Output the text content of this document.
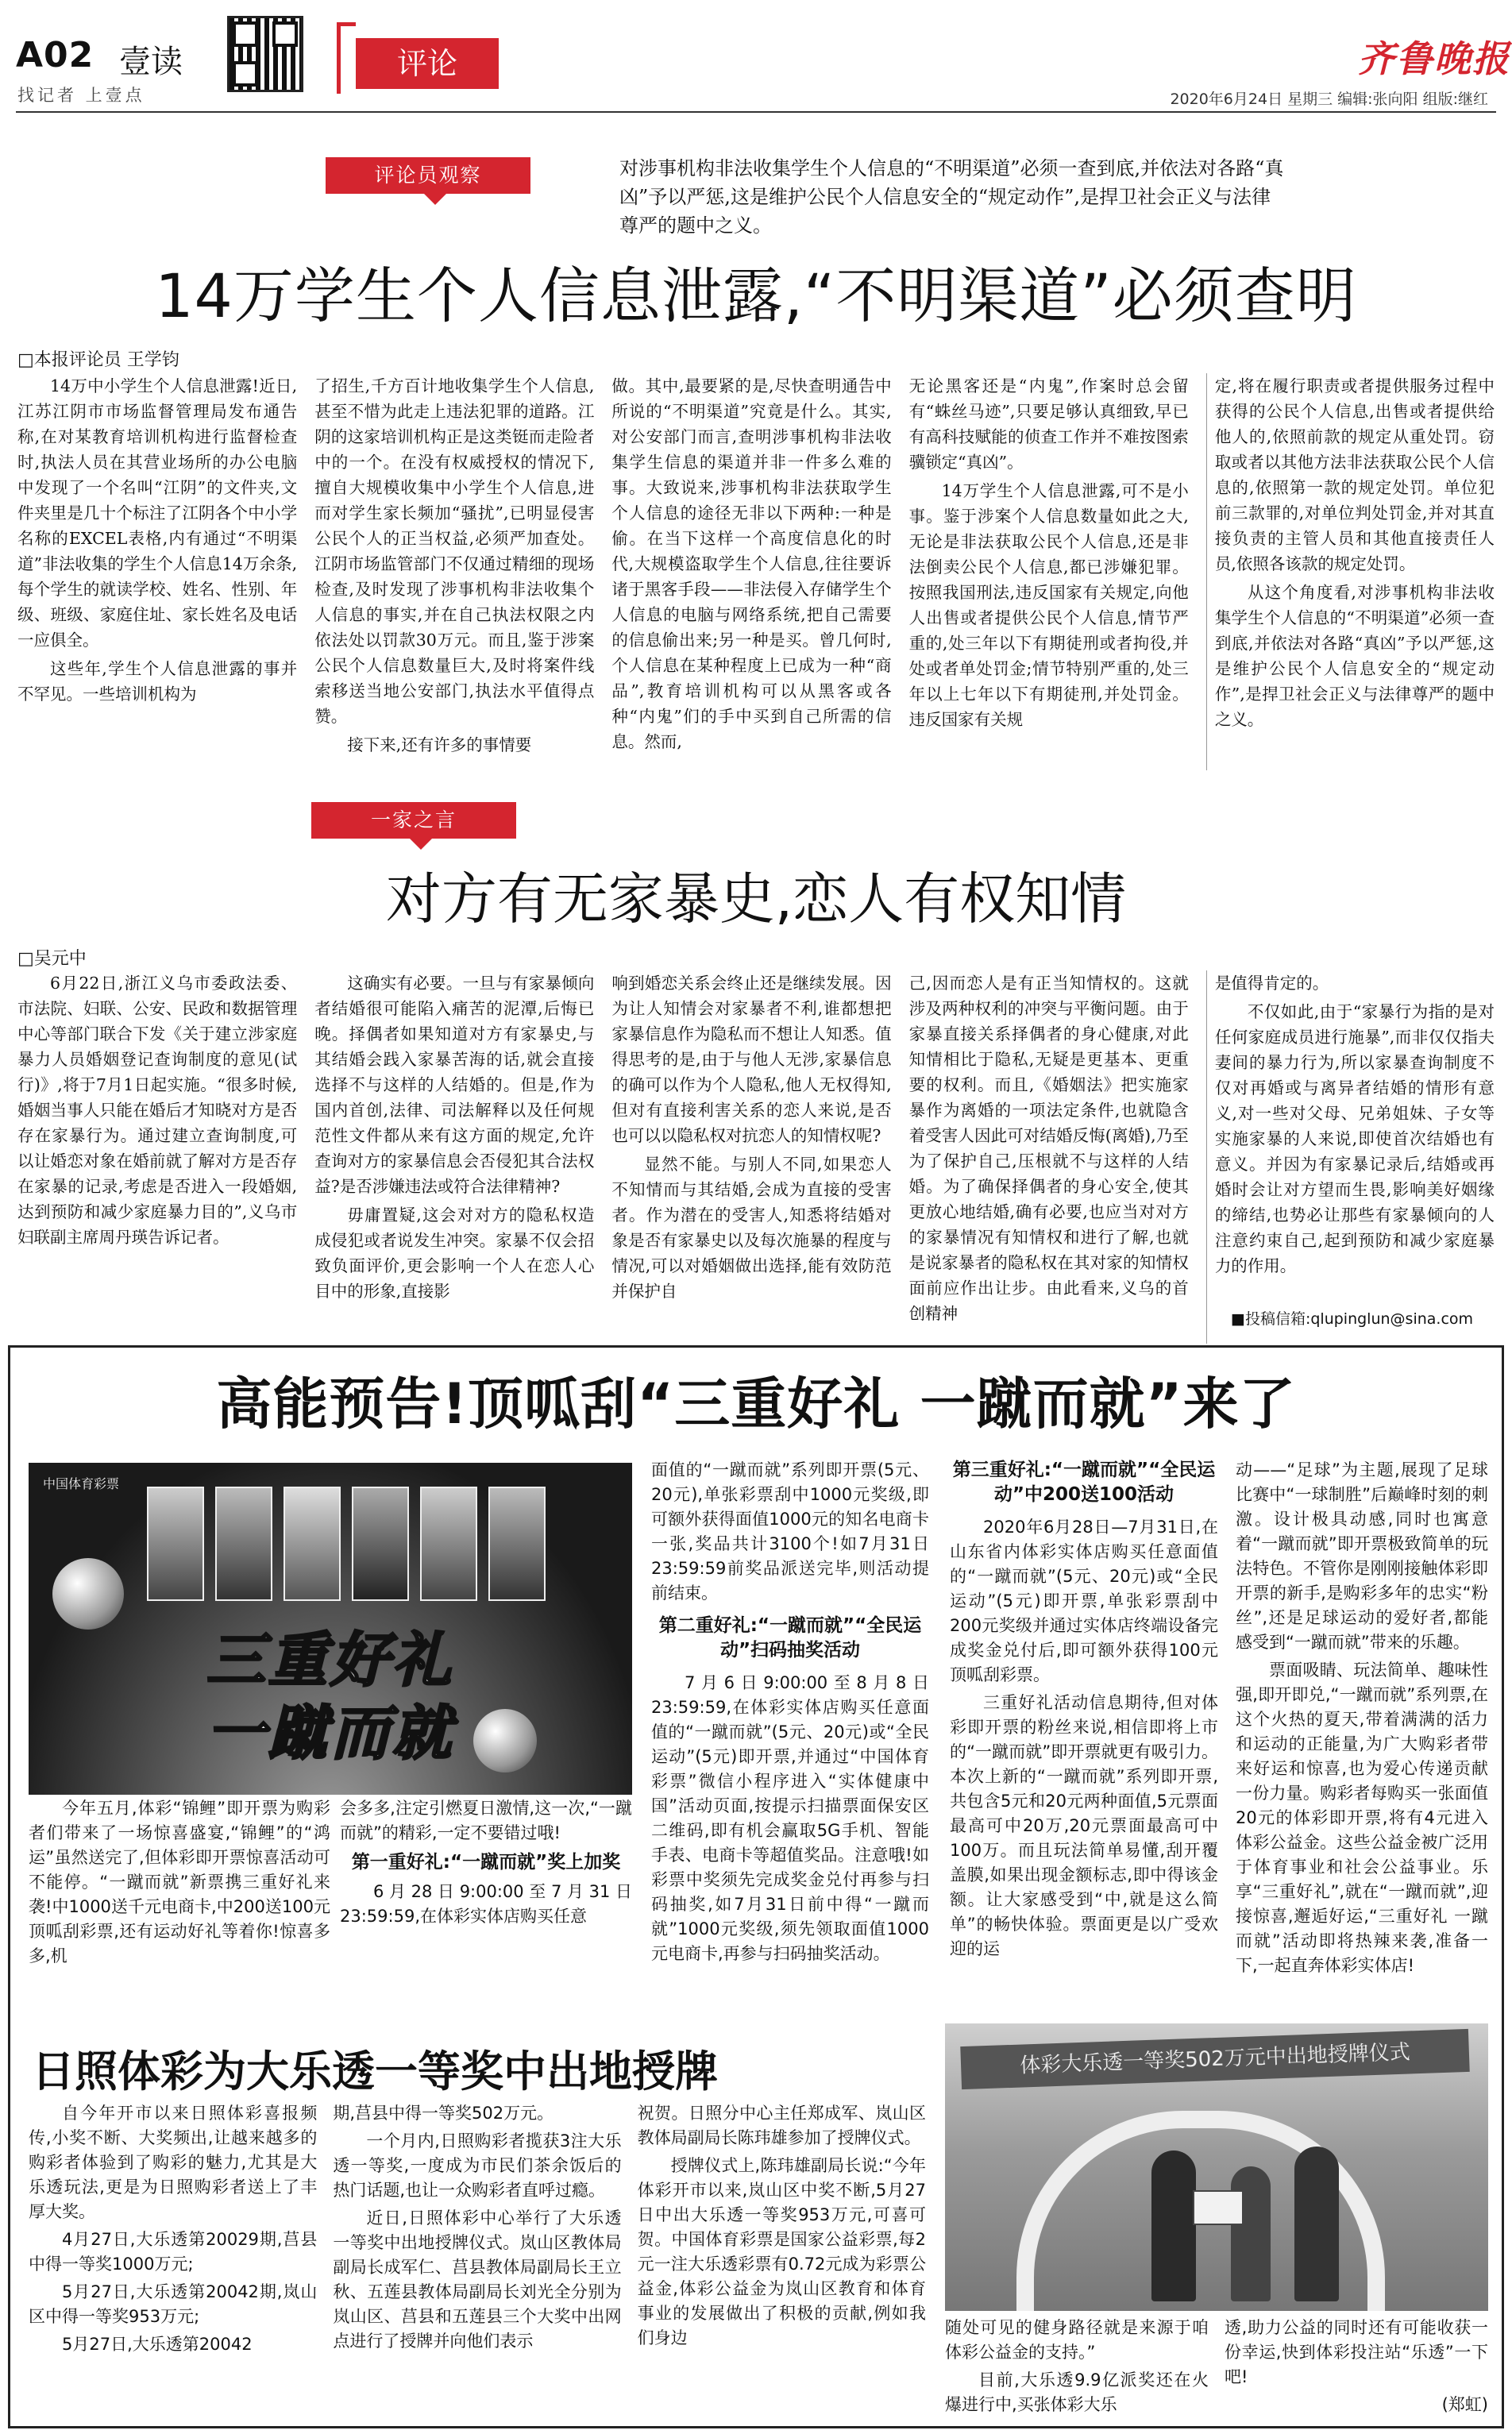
A02 壹读
找记者 上壹点
评论	齐鲁晚报
2020年6月24日 星期三 编辑:张向阳 组版:继红
评论员观察	对涉事机构非法收集学生个人信息的“不明渠道”必须一查到底,并依法对各路“真凶”予以严惩,这是维护公民个人信息安全的“规定动作”,是捍卫社会正义与法律尊严的题中之义。
14万学生个人信息泄露,“不明渠道”必须查明
□本报评论员 王学钧

14万中小学生个人信息泄露!近日,江苏江阴市市场监督管理局发布通告称,在对某教育培训机构进行监督检查时,执法人员在其营业场所的办公电脑中发现了一个名叫“江阴”的文件夹,文件夹里是几十个标注了江阴各个中小学名称的EXCEL表格,内有通过“不明渠道”非法收集的学生个人信息14万余条,每个学生的就读学校、姓名、性别、年级、班级、家庭住址、家长姓名及电话一应俱全。

这些年,学生个人信息泄露的事并不罕见。一些培训机构为

了招生,千方百计地收集学生个人信息,甚至不惜为此走上违法犯罪的道路。江阴的这家培训机构正是这类铤而走险者中的一个。在没有权威授权的情况下,擅自大规模收集中小学生个人信息,进而对学生家长频加“骚扰”,已明显侵害公民个人的正当权益,必须严加查处。江阴市场监管部门不仅通过精细的现场检查,及时发现了涉事机构非法收集个人信息的事实,并在自己执法权限之内依法处以罚款30万元。而且,鉴于涉案公民个人信息数量巨大,及时将案件线索移送当地公安部门,执法水平值得点赞。

接下来,还有许多的事情要

做。其中,最要紧的是,尽快查明通告中所说的“不明渠道”究竟是什么。其实,对公安部门而言,查明涉事机构非法收集学生信息的渠道并非一件多么难的事。大致说来,涉事机构非法获取学生个人信息的途径无非以下两种:一种是偷。在当下这样一个高度信息化的时代,大规模盗取学生个人信息,往往要诉诸于黑客手段——非法侵入存储学生个人信息的电脑与网络系统,把自己需要的信息偷出来;另一种是买。曾几何时,个人信息在某种程度上已成为一种“商品”,教育培训机构可以从黑客或各种“内鬼”们的手中买到自己所需的信息。然而,

无论黑客还是“内鬼”,作案时总会留有“蛛丝马迹”,只要足够认真细致,早已有高科技赋能的侦查工作并不难按图索骥锁定“真凶”。

14万学生个人信息泄露,可不是小事。鉴于涉案个人信息数量如此之大,无论是非法获取公民个人信息,还是非法倒卖公民个人信息,都已涉嫌犯罪。按照我国刑法,违反国家有关规定,向他人出售或者提供公民个人信息,情节严重的,处三年以下有期徒刑或者拘役,并处或者单处罚金;情节特别严重的,处三年以上七年以下有期徒刑,并处罚金。违反国家有关规

定,将在履行职责或者提供服务过程中获得的公民个人信息,出售或者提供给他人的,依照前款的规定从重处罚。窃取或者以其他方法非法获取公民个人信息的,依照第一款的规定处罚。单位犯前三款罪的,对单位判处罚金,并对其直接负责的主管人员和其他直接责任人员,依照各该款的规定处罚。

从这个角度看,对涉事机构非法收集学生个人信息的“不明渠道”必须一查到底,并依法对各路“真凶”予以严惩,这是维护公民个人信息安全的“规定动作”,是捍卫社会正义与法律尊严的题中之义。

一家之言
对方有无家暴史,恋人有权知情
□吴元中

6月22日,浙江义乌市委政法委、市法院、妇联、公安、民政和数据管理中心等部门联合下发《关于建立涉家庭暴力人员婚姻登记查询制度的意见(试行)》,将于7月1日起实施。“很多时候,婚姻当事人只能在婚后才知晓对方是否存在家暴行为。通过建立查询制度,可以让婚恋对象在婚前就了解对方是否存在家暴的记录,考虑是否进入一段婚姻,达到预防和减少家庭暴力目的”,义乌市妇联副主席周丹瑛告诉记者。

这确实有必要。一旦与有家暴倾向者结婚很可能陷入痛苦的泥潭,后悔已晚。择偶者如果知道对方有家暴史,与其结婚会践入家暴苦海的话,就会直接选择不与这样的人结婚的。但是,作为国内首创,法律、司法解释以及任何规范性文件都从来有这方面的规定,允许查询对方的家暴信息会否侵犯其合法权益?是否涉嫌违法或符合法律精神?

毋庸置疑,这会对对方的隐私权造成侵犯或者说发生冲突。家暴不仅会招致负面评价,更会影响一个人在恋人心目中的形象,直接影

响到婚恋关系会终止还是继续发展。因为让人知情会对家暴者不利,谁都想把家暴信息作为隐私而不想让人知悉。值得思考的是,由于与他人无涉,家暴信息的确可以作为个人隐私,他人无权得知,但对有直接利害关系的恋人来说,是否也可以以隐私权对抗恋人的知情权呢?

显然不能。与别人不同,如果恋人不知情而与其结婚,会成为直接的受害者。作为潜在的受害人,知悉将结婚对象是否有家暴史以及每次施暴的程度与情况,可以对婚姻做出选择,能有效防范并保护自

己,因而恋人是有正当知情权的。这就涉及两种权利的冲突与平衡问题。由于家暴直接关系择偶者的身心健康,对此知情相比于隐私,无疑是更基本、更重要的权利。而且,《婚姻法》把实施家暴作为离婚的一项法定条件,也就隐含着受害人因此可对结婚反悔(离婚),乃至为了保护自己,压根就不与这样的人结婚。为了确保择偶者的身心安全,使其更放心地结婚,确有必要,也应当对对方的家暴情况有知情权和进行了解,也就是说家暴者的隐私权在其对家的知情权面前应作出让步。由此看来,义乌的首创精神

是值得肯定的。

不仅如此,由于“家暴行为指的是对任何家庭成员进行施暴”,而非仅仅指夫妻间的暴力行为,所以家暴查询制度不仅对再婚或与离异者结婚的情形有意义,对一些对父母、兄弟姐妹、子女等实施家暴的人来说,即使首次结婚也有意义。并因为有家暴记录后,结婚或再婚时会让对方望而生畏,影响美好姻缘的缔结,也势必让那些有家暴倾向的人注意约束自己,起到预防和减少家庭暴力的作用。

■投稿信箱:qlupinglun@sina.com
高能预告!顶呱刮“三重好礼 一蹴而就”来了
中国体育彩票
三重好礼
一蹴而就

今年五月,体彩“锦鲤”即开票为购彩者们带来了一场惊喜盛宴,“锦鲤”的“鸿运”虽然送完了,但体彩即开票惊喜活动可不能停。“一蹴而就”新票携三重好礼来袭!中1000送千元电商卡,中200送100元顶呱刮彩票,还有运动好礼等着你!惊喜多多,机

会多多,注定引燃夏日激情,这一次,“一蹴而就”的精彩,一定不要错过哦!

第一重好礼:“一蹴而就”奖上加奖

6月28日9:00:00至7月31日23:59:59,在体彩实体店购买任意

面值的“一蹴而就”系列即开票(5元、20元),单张彩票刮中1000元奖级,即可额外获得面值1000元的知名电商卡一张,奖品共计3100个!如7月31日23:59:59前奖品派送完毕,则活动提前结束。

第二重好礼:“一蹴而就”“全民运动”扫码抽奖活动

7月6日9:00:00至8月8日23:59:59,在体彩实体店购买任意面值的“一蹴而就”(5元、20元)或“全民运动”(5元)即开票,并通过“中国体育彩票”微信小程序进入“实体健康中国”活动页面,按提示扫描票面保安区二维码,即有机会赢取5G手机、智能手表、电商卡等超值奖品。注意哦!如彩票中奖须先完成奖金兑付再参与扫码抽奖,如7月31日前中得“一蹴而就”1000元奖级,须先领取面值1000元电商卡,再参与扫码抽奖活动。

第三重好礼:“一蹴而就”“全民运动”中200送100活动

2020年6月28日—7月31日,在山东省内体彩实体店购买任意面值的“一蹴而就”(5元、20元)或“全民运动”(5元)即开票,单张彩票刮中200元奖级并通过实体店终端设备完成奖金兑付后,即可额外获得100元顶呱刮彩票。

三重好礼活动信息期待,但对体彩即开票的粉丝来说,相信即将上市的“一蹴而就”即开票就更有吸引力。本次上新的“一蹴而就”系列即开票,共包含5元和20元两种面值,5元票面最高可中20万,20元票面最高可中100万。而且玩法简单易懂,刮开覆盖膜,如果出现金额标志,即中得该金额。让大家感受到“中,就是这么简单”的畅快体验。票面更是以广受欢迎的运

动——“足球”为主题,展现了足球比赛中“一球制胜”后巅峰时刻的刺激。设计极具动感,同时也寓意着“一蹴而就”即开票极致简单的玩法特色。不管你是刚刚接触体彩即开票的新手,是购彩多年的忠实“粉丝”,还是足球运动的爱好者,都能感受到“一蹴而就”带来的乐趣。

票面吸睛、玩法简单、趣味性强,即开即兑,“一蹴而就”系列票,在这个火热的夏天,带着满满的活力和运动的正能量,为广大购彩者带来好运和惊喜,也为爱心传递贡献一份力量。购彩者每购买一张面值20元的体彩即开票,将有4元进入体彩公益金。这些公益金被广泛用于体育事业和社会公益事业。乐享“三重好礼”,就在“一蹴而就”,迎接惊喜,邂逅好运,“三重好礼 一蹴而就”活动即将热辣来袭,准备一下,一起直奔体彩实体店!

日照体彩为大乐透一等奖中出地授牌

自今年开市以来日照体彩喜报频传,小奖不断、大奖频出,让越来越多的购彩者体验到了购彩的魅力,尤其是大乐透玩法,更是为日照购彩者送上了丰厚大奖。

4月27日,大乐透第20029期,莒县中得一等奖1000万元;

5月27日,大乐透第20042期,岚山区中得一等奖953万元;

5月27日,大乐透第20042

期,莒县中得一等奖502万元。

一个月内,日照购彩者揽获3注大乐透一等奖,一度成为市民们茶余饭后的热门话题,也让一众购彩者直呼过瘾。

近日,日照体彩中心举行了大乐透一等奖中出地授牌仪式。岚山区教体局副局长成军仁、莒县教体局副局长王立秋、五莲县教体局副局长刘光全分别为岚山区、莒县和五莲县三个大奖中出网点进行了授牌并向他们表示

祝贺。日照分中心主任郑成军、岚山区教体局副局长陈玮雄参加了授牌仪式。

授牌仪式上,陈玮雄副局长说:“今年体彩开市以来,岚山区中奖不断,5月27日中出大乐透一等奖953万元,可喜可贺。中国体育彩票是国家公益彩票,每2元一注大乐透彩票有0.72元成为彩票公益金,体彩公益金为岚山区教育和体育事业的发展做出了积极的贡献,例如我们身边

体彩大乐透一等奖502万元中出地授牌仪式

随处可见的健身路径就是来源于咱体彩公益金的支持。”

目前,大乐透9.9亿派奖还在火爆进行中,买张体彩大乐

透,助力公益的同时还有可能收获一份幸运,快到体彩投注站“乐透”一下吧!

(郑虹)
